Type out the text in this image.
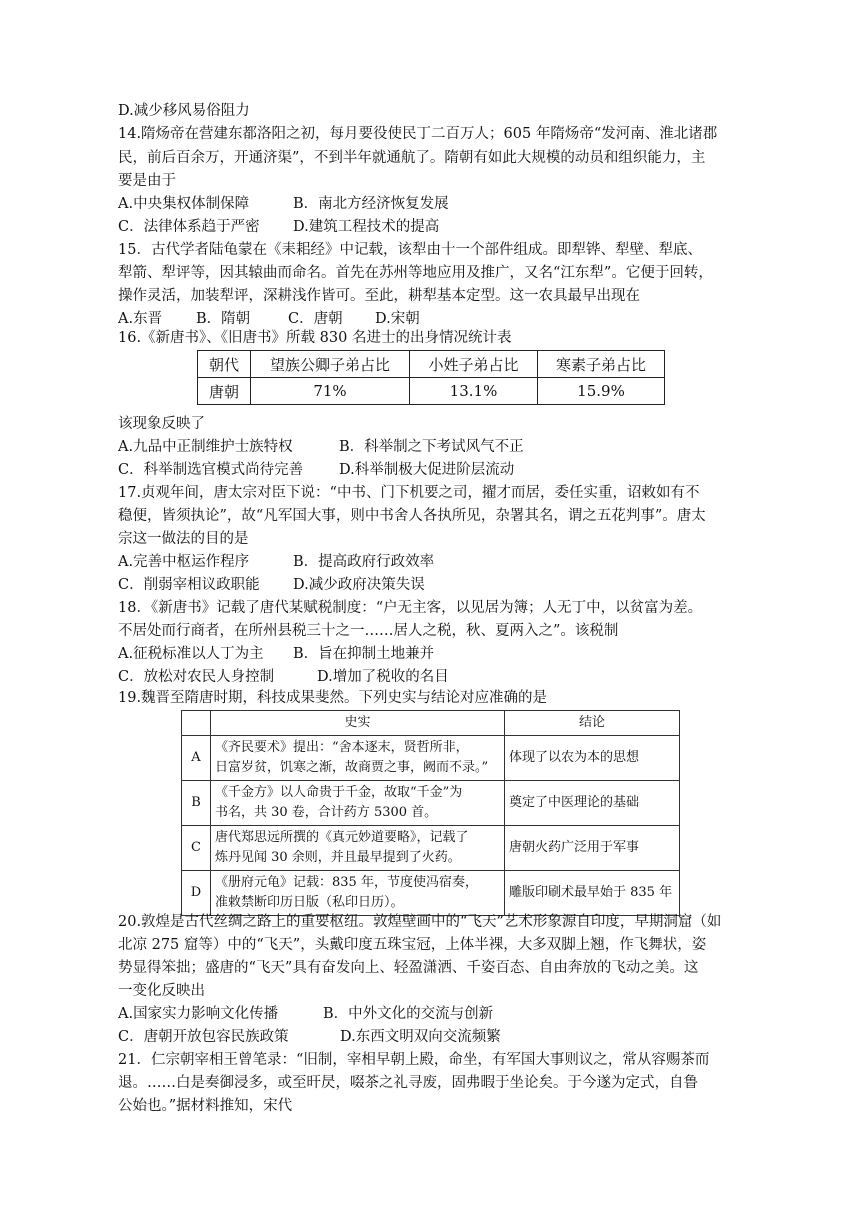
D.减少移风易俗阻力
14.隋炀帝在营建东都洛阳之初，每月要役使民丁二百万人；605 年隋炀帝“发河南、淮北诸郡
民，前后百余万，开通济渠”，不到半年就通航了。隋朝有如此大规模的动员和组织能力，主
要是由于
A.中央集权体制保障	B．南北方经济恢复发展
C．法律体系趋于严密 D.建筑工程技术的提高
15．古代学者陆龟蒙在《耒耜经》中记载，该犁由十一个部件组成。即犁铧、犁壁、犁底、
犁箭、犁评等，因其辕曲而命名。首先在苏州等地应用及推广，又名“江东犁”。它便于回转，
操作灵活，加装犁评，深耕浅作皆可。至此，耕犁基本定型。这一农具最早出现在
A.东晋 B．隋朝	C．唐朝 D.宋朝
16.《新唐书》、《旧唐书》所载 830 名进士的出身情况统计表
朝代	望族公卿子弟占比	小姓子弟占比	寒素子弟占比
唐朝	71%	13.1%	15.9%
该现象反映了
A.九品中正制维护士族特权	B．科举制之下考试风气不正
C．科举制选官模式尚待完善 D.科举制极大促进阶层流动
17.贞观年间，唐太宗对臣下说：“中书、门下机要之司，擢才而居，委任实重，诏敕如有不
稳便，皆须执论”，故“凡军国大事，则中书舍人各执所见，杂署其名，谓之五花判事”。唐太
宗这一做法的目的是
A.完善中枢运作程序	B．提高政府行政效率
C．削弱宰相议政职能 D.减少政府决策失误
18．《新唐书》记载了唐代某赋税制度：“户无主客，以见居为簿；人无丁中，以贫富为差。
不居处而行商者，在所州县税三十之一……居人之税，秋、夏两入之”。该税制
A.征税标准以人丁为主 B．旨在抑制土地兼并
C．放松对农民人身控制	D.增加了税收的名目
19.魏晋至隋唐时期，科技成果斐然。下列史实与结论对应准确的是
	史实	结论
A	《齐民要术》提出：“舍本逐末，贤哲所非，
日富岁贫，饥寒之渐，故商贾之事，阙而不录。”	体现了以农为本的思想
B	《千金方》以人命贵于千金，故取“千金”为
书名，共 30 卷，合计药方 5300 首。	奠定了中医理论的基础
C	唐代郑思远所撰的《真元妙道要略》，记载了
炼丹见闻 30 余则，并且最早提到了火药。	唐朝火药广泛用于军事
D	《册府元龟》记载：835 年，节度使冯宿奏，
准敕禁断印历日版（私印日历）。	雕版印刷术最早始于 835 年
20.敦煌是古代丝绸之路上的重要枢纽。敦煌壁画中的“飞天”艺术形象源自印度，早期洞窟（如
北凉 275 窟等）中的“飞天”，头戴印度五珠宝冠，上体半裸，大多双脚上翘，作飞舞状，姿
势显得笨拙；盛唐的“飞天”具有奋发向上、轻盈潇洒、千姿百态、自由奔放的飞动之美。这
一变化反映出
A.国家实力影响文化传播	B．中外文化的交流与创新
C．唐朝开放包容民族政策	D.东西文明双向交流频繁
21．仁宗朝宰相王曾笔录：“旧制，宰相早朝上殿，命坐，有军国大事则议之，常从容赐茶而
退。……白是奏御浸多，或至旰昃，啜茶之礼寻废，固弗暇于坐论矣。于今遂为定式，自鲁
公始也。”据材料推知，宋代
